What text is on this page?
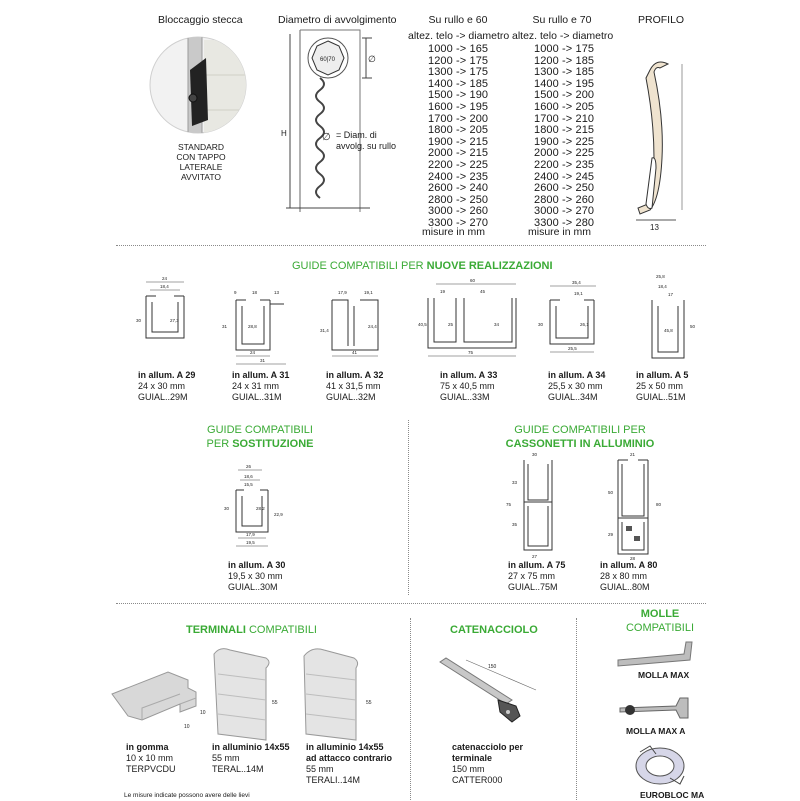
Bloccaggio stecca
STANDARD
CON TAPPO
LATERALE
AVVITATO
Diametro di avvolgimento
60|70	∅
H	∅ = Diam. di
avvolg. su rullo
Su rullo e 60
altez. telo -> diametro
1000 -> 165
1200 -> 175
1300 -> 175
1400 -> 185
1500 -> 190
1600 -> 195
1700 -> 200
1800 -> 205
1900 -> 215
2000 -> 215
2200 -> 225
2400 -> 235
2600 -> 240
2800 -> 250
3000 -> 260
3300 -> 270
misure in mm
Su rullo e 70
altez. telo -> diametro
1000 -> 175
1200 -> 185
1300 -> 185
1400 -> 195
1500 -> 200
1600 -> 205
1700 -> 210
1800 -> 215
1900 -> 225
2000 -> 225
2200 -> 235
2400 -> 245
2600 -> 250
2800 -> 260
3000 -> 270
3300 -> 280
misure in mm
PROFILO
13
GUIDE COMPATIBILI PER NUOVE REALIZZAZIONI
24
18,4
30	27,3
9	18	13
31	28,8
24
31
17,9	19,1
31,4
24,4
41
60
19	45
40,5	25	34
75
35,4
19,1
30	26,1
25,5
25,8
18,4
17
45,8
50
in allum. A 29
24 x 30 mm
GUIAL..29M
in allum. A 31
24 x 31 mm
GUIAL..31M
in allum. A 32
41 x 31,5 mm
GUIAL..32M
in allum. A 33
75 x 40,5 mm
GUIAL..33M
in allum. A 34
25,5 x 30 mm
GUIAL..34M
in allum. A 5
25 x 50 mm
GUIAL..51M
GUIDE COMPATIBILI
PER SOSTITUZIONE
26
18,6
15,5
30	28,2
22,9
17,9
19,5
in allum. A 30
19,5 x 30 mm
GUIAL..30M
GUIDE COMPATIBILI PER
CASSONETTI IN ALLUMINIO
30
75
33
35
27
21
80
50
29
28
in allum. A 75
27 x 75 mm
GUIAL..75M
in allum. A 80
28 x 80 mm
GUIAL..80M
TERMINALI COMPATIBILI
10
10
55	55
in gomma
10 x 10 mm
TERPVCDU
in alluminio 14x55
55 mm
TERAL..14M
in alluminio 14x55
ad attacco contrario
55 mm
TERALI..14M
CATENACCIOLO
150
catenacciolo per
terminale
150 mm
CATTER000
MOLLE
COMPATIBILI
MOLLA MAX
MOLLA MAX A
EUROBLOC MA
Le misure indicate possono avere delle lievi
